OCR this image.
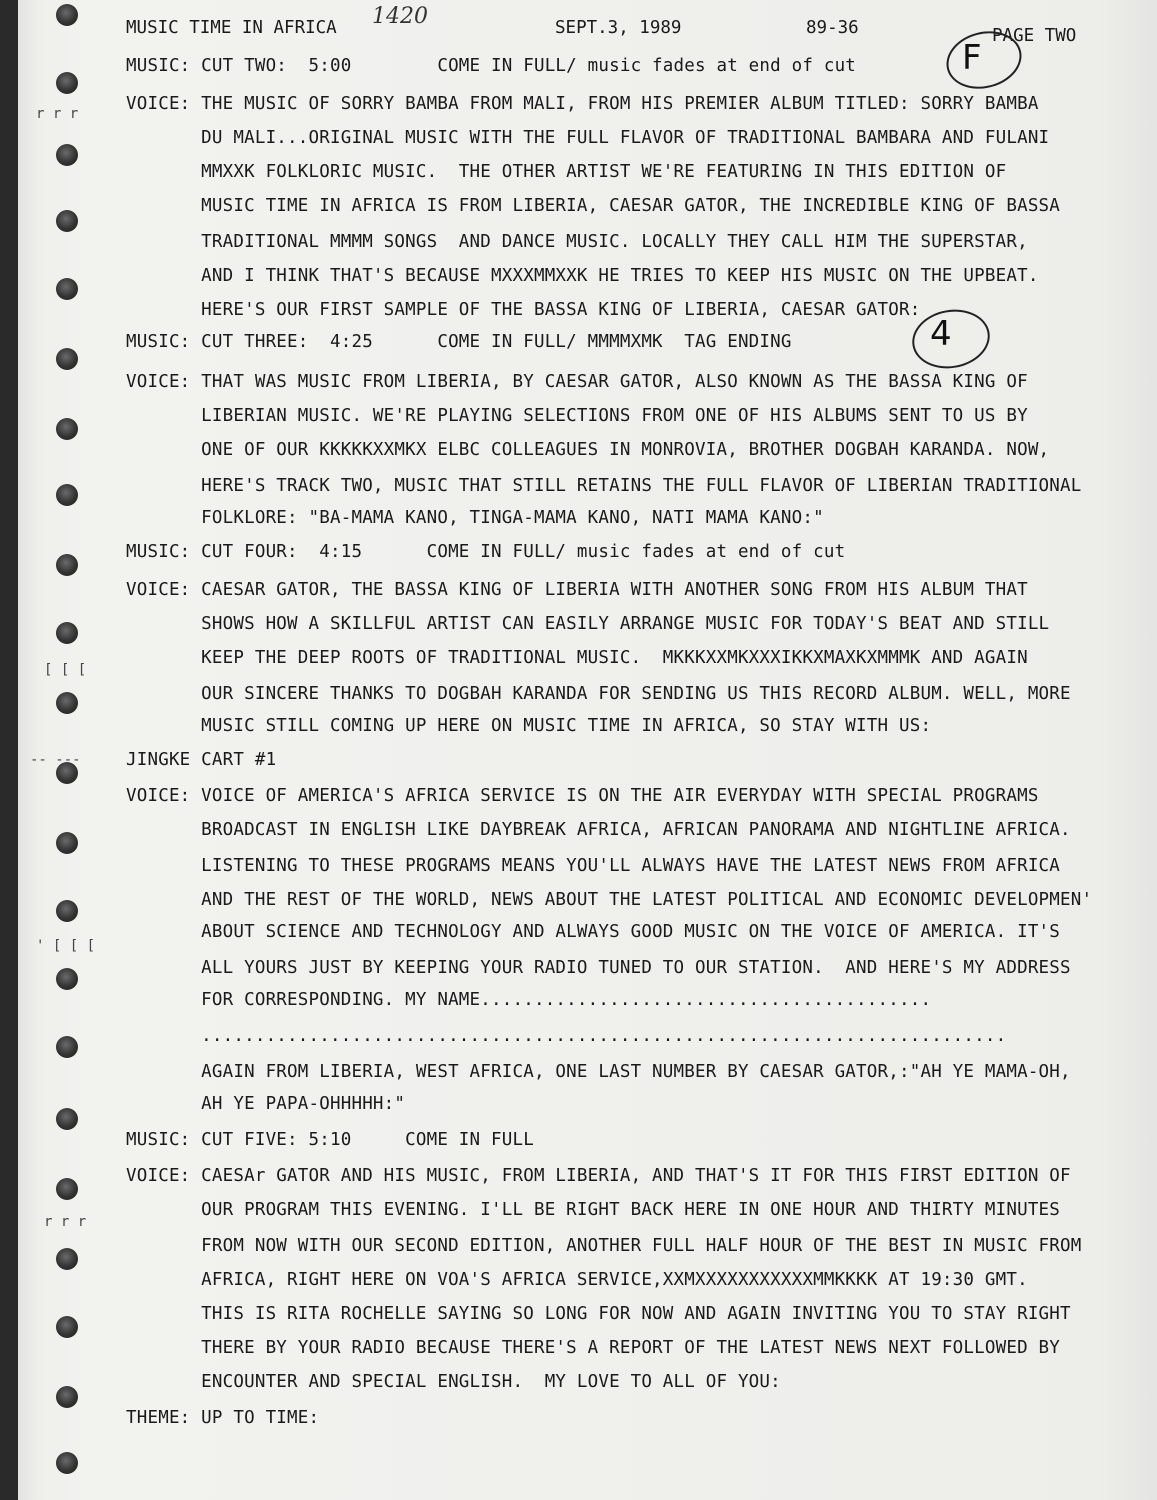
MUSIC TIME IN AFRICA 1420	SEPT.3, 1989	89-36	PAGE TWO
F
4
MUSIC: CUT TWO:  5:00        COME IN FULL/ music fades at end of cut
VOICE: THE MUSIC OF SORRY BAMBA FROM MALI, FROM HIS PREMIER ALBUM TITLED: SORRY BAMBA
DU MALI...ORIGINAL MUSIC WITH THE FULL FLAVOR OF TRADITIONAL BAMBARA AND FULANI
MMXXK FOLKLORIC MUSIC.  THE OTHER ARTIST WE'RE FEATURING IN THIS EDITION OF
MUSIC TIME IN AFRICA IS FROM LIBERIA, CAESAR GATOR, THE INCREDIBLE KING OF BASSA
TRADITIONAL MMMM SONGS  AND DANCE MUSIC. LOCALLY THEY CALL HIM THE SUPERSTAR,
AND I THINK THAT'S BECAUSE MXXXMMXXK HE TRIES TO KEEP HIS MUSIC ON THE UPBEAT.
HERE'S OUR FIRST SAMPLE OF THE BASSA KING OF LIBERIA, CAESAR GATOR:
MUSIC: CUT THREE:  4:25      COME IN FULL/ MMMMXMK  TAG ENDING
VOICE: THAT WAS MUSIC FROM LIBERIA, BY CAESAR GATOR, ALSO KNOWN AS THE BASSA KING OF
LIBERIAN MUSIC. WE'RE PLAYING SELECTIONS FROM ONE OF HIS ALBUMS SENT TO US BY
ONE OF OUR KKKKKXXMKX ELBC COLLEAGUES IN MONROVIA, BROTHER DOGBAH KARANDA. NOW,
HERE'S TRACK TWO, MUSIC THAT STILL RETAINS THE FULL FLAVOR OF LIBERIAN TRADITIONAL
FOLKLORE: "BA-MAMA KANO, TINGA-MAMA KANO, NATI MAMA KANO:"
MUSIC: CUT FOUR:  4:15      COME IN FULL/ music fades at end of cut
VOICE: CAESAR GATOR, THE BASSA KING OF LIBERIA WITH ANOTHER SONG FROM HIS ALBUM THAT
SHOWS HOW A SKILLFUL ARTIST CAN EASILY ARRANGE MUSIC FOR TODAY'S BEAT AND STILL
KEEP THE DEEP ROOTS OF TRADITIONAL MUSIC.  MKKKXXMKXXXIKKXMAXKXMMMK AND AGAIN
OUR SINCERE THANKS TO DOGBAH KARANDA FOR SENDING US THIS RECORD ALBUM. WELL, MORE
MUSIC STILL COMING UP HERE ON MUSIC TIME IN AFRICA, SO STAY WITH US:
JINGKE CART #1
VOICE: VOICE OF AMERICA'S AFRICA SERVICE IS ON THE AIR EVERYDAY WITH SPECIAL PROGRAMS
BROADCAST IN ENGLISH LIKE DAYBREAK AFRICA, AFRICAN PANORAMA AND NIGHTLINE AFRICA.
LISTENING TO THESE PROGRAMS MEANS YOU'LL ALWAYS HAVE THE LATEST NEWS FROM AFRICA
AND THE REST OF THE WORLD, NEWS ABOUT THE LATEST POLITICAL AND ECONOMIC DEVELOPMEN'
ABOUT SCIENCE AND TECHNOLOGY AND ALWAYS GOOD MUSIC ON THE VOICE OF AMERICA. IT'S
ALL YOURS JUST BY KEEPING YOUR RADIO TUNED TO OUR STATION.  AND HERE'S MY ADDRESS
FOR CORRESPONDING. MY NAME..........................................
...........................................................................
AGAIN FROM LIBERIA, WEST AFRICA, ONE LAST NUMBER BY CAESAR GATOR,:"AH YE MAMA-OH,
AH YE PAPA-OHHHHH:"
MUSIC: CUT FIVE: 5:10     COME IN FULL
VOICE: CAESAr GATOR AND HIS MUSIC, FROM LIBERIA, AND THAT'S IT FOR THIS FIRST EDITION OF
OUR PROGRAM THIS EVENING. I'LL BE RIGHT BACK HERE IN ONE HOUR AND THIRTY MINUTES
FROM NOW WITH OUR SECOND EDITION, ANOTHER FULL HALF HOUR OF THE BEST IN MUSIC FROM
AFRICA, RIGHT HERE ON VOA'S AFRICA SERVICE,XXMXXXXXXXXXXXMMKKKK AT 19:30 GMT.
THIS IS RITA ROCHELLE SAYING SO LONG FOR NOW AND AGAIN INVITING YOU TO STAY RIGHT
THERE BY YOUR RADIO BECAUSE THERE'S A REPORT OF THE LATEST NEWS NEXT FOLLOWED BY
ENCOUNTER AND SPECIAL ENGLISH.  MY LOVE TO ALL OF YOU:
THEME: UP TO TIME:
r r r
[ [ [
' [ [ [
r r r
-- ---
